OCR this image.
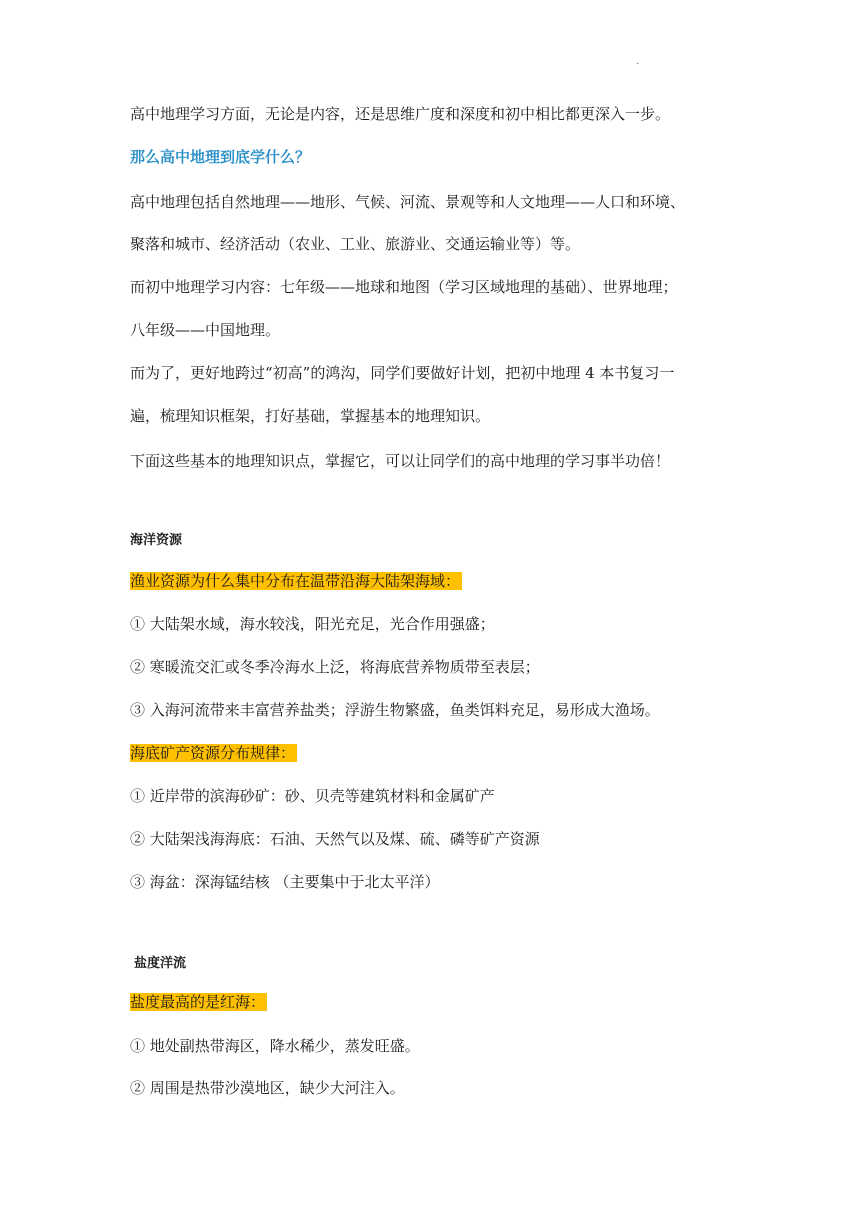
·
高中地理学习方面，无论是内容，还是思维广度和深度和初中相比都更深入一步。
那么高中地理到底学什么？
高中地理包括自然地理——地形、气候、河流、景观等和人文地理——人口和环境、
聚落和城市、经济活动（农业、工业、旅游业、交通运输业等）等。
而初中地理学习内容：七年级——地球和地图（学习区域地理的基础）、世界地理；
八年级——中国地理。
而为了，更好地跨过“初高”的鸿沟，同学们要做好计划，把初中地理 4 本书复习一
遍，梳理知识框架，打好基础，掌握基本的地理知识。
下面这些基本的地理知识点，掌握它，可以让同学们的高中地理的学习事半功倍！
海洋资源
渔业资源为什么集中分布在温带沿海大陆架海域：
① 大陆架水域，海水较浅，阳光充足，光合作用强盛；
② 寒暖流交汇或冬季冷海水上泛，将海底营养物质带至表层；
③ 入海河流带来丰富营养盐类；浮游生物繁盛，鱼类饵料充足，易形成大渔场。
海底矿产资源分布规律：
① 近岸带的滨海砂矿：砂、贝壳等建筑材料和金属矿产
② 大陆架浅海海底：石油、天然气以及煤、硫、磷等矿产资源
③ 海盆：深海锰结核 （主要集中于北太平洋）
盐度洋流
盐度最高的是红海：
① 地处副热带海区，降水稀少，蒸发旺盛。
② 周围是热带沙漠地区，缺少大河注入。
